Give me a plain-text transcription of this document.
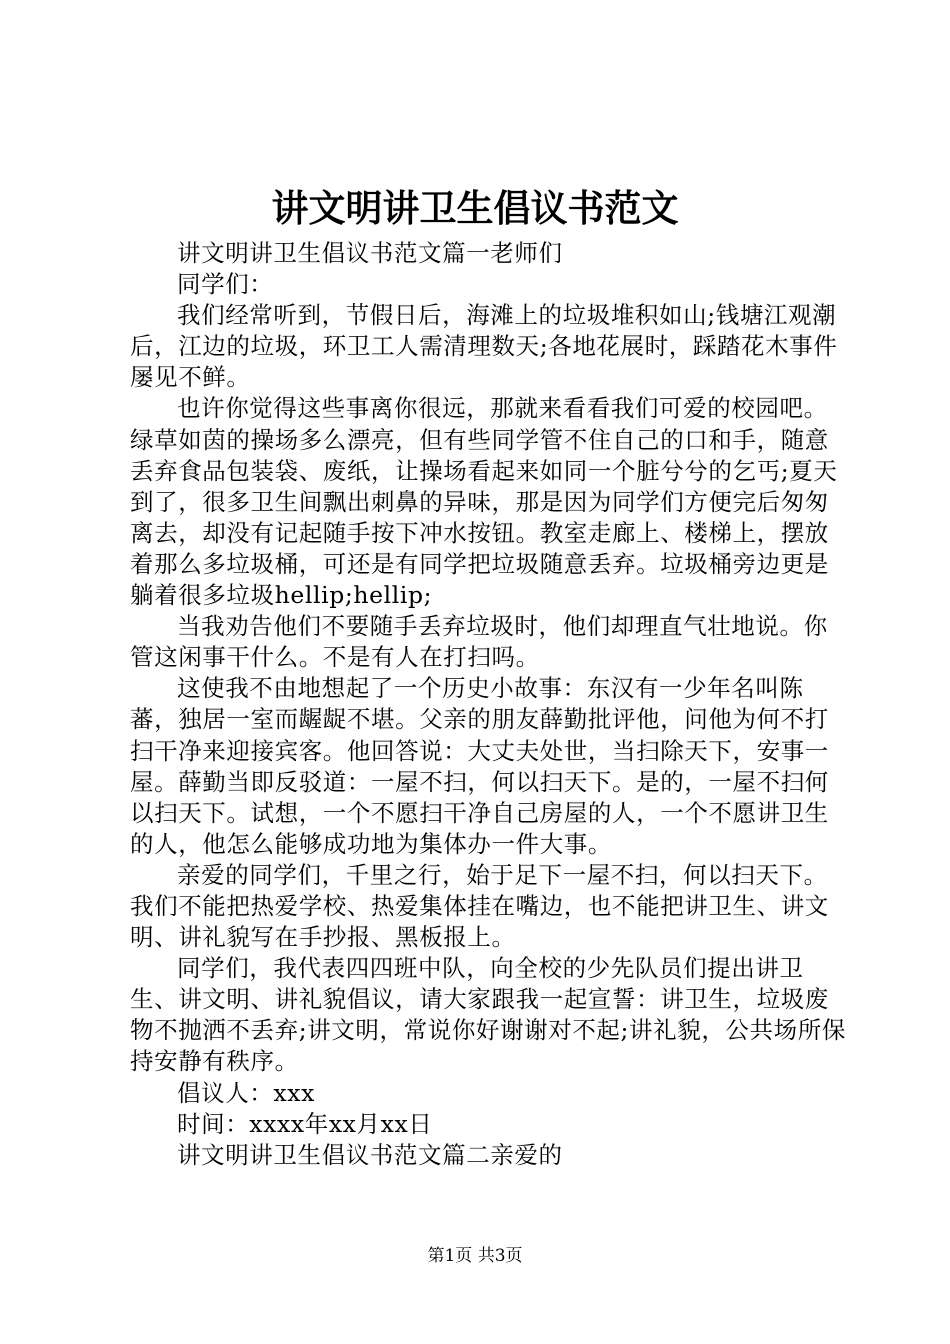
讲文明讲卫生倡议书范文

讲文明讲卫生倡议书范文篇一老师们

同学们：

我们经常听到，节假日后，海滩上的垃圾堆积如山;钱塘江观潮后，江边的垃圾，环卫工人需清理数天;各地花展时，踩踏花木事件屡见不鲜。

也许你觉得这些事离你很远，那就来看看我们可爱的校园吧。绿草如茵的操场多么漂亮，但有些同学管不住自己的口和手，随意丢弃食品包装袋、废纸，让操场看起来如同一个脏兮兮的乞丐;夏天到了，很多卫生间飘出刺鼻的异味，那是因为同学们方便完后匆匆离去，却没有记起随手按下冲水按钮。教室走廊上、楼梯上，摆放着那么多垃圾桶，可还是有同学把垃圾随意丢弃。垃圾桶旁边更是躺着很多垃圾hellip;hellip;

当我劝告他们不要随手丢弃垃圾时，他们却理直气壮地说。你管这闲事干什么。不是有人在打扫吗。

这使我不由地想起了一个历史小故事：东汉有一少年名叫陈蕃，独居一室而龌龊不堪。父亲的朋友薛勤批评他，问他为何不打扫干净来迎接宾客。他回答说：大丈夫处世，当扫除天下，安事一屋。薛勤当即反驳道：一屋不扫，何以扫天下。是的，一屋不扫何以扫天下。试想，一个不愿扫干净自己房屋的人，一个不愿讲卫生的人，他怎么能够成功地为集体办一件大事。

亲爱的同学们，千里之行，始于足下一屋不扫，何以扫天下。我们不能把热爱学校、热爱集体挂在嘴边，也不能把讲卫生、讲文明、讲礼貌写在手抄报、黑板报上。

同学们，我代表四四班中队，向全校的少先队员们提出讲卫生、讲文明、讲礼貌倡议，请大家跟我一起宣誓：讲卫生，垃圾废物不抛洒不丢弃;讲文明，常说你好谢谢对不起;讲礼貌，公共场所保持安静有秩序。

倡议人：xxx

时间：xxxx年xx月xx日

讲文明讲卫生倡议书范文篇二亲爱的

第1页 共3页
